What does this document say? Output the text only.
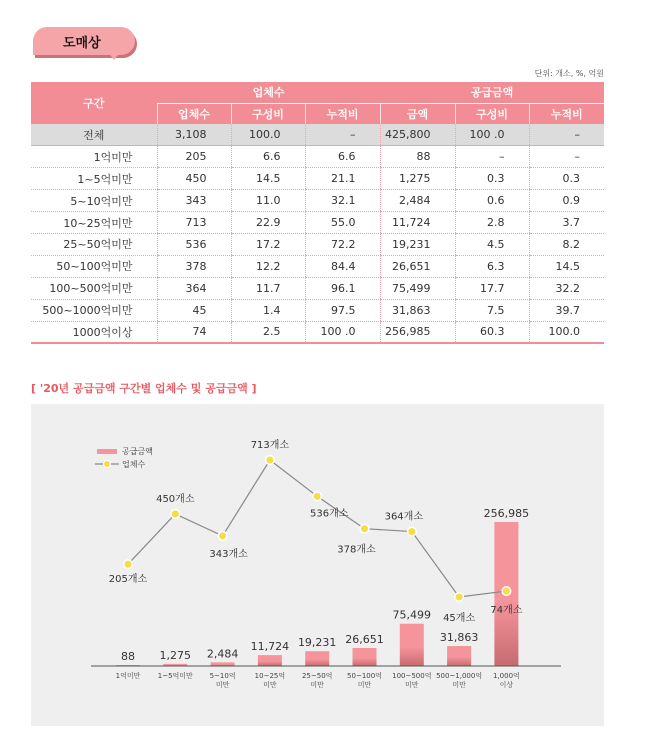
도매상
단위: 개소, %, 억원
구간	업체수			공급금액		
	업체수	구성비	누적비	금액	구성비	누적비
전체	3,108	100.0	–	425,800	100 .0	–
1억미만	205	6.6	6.6	88	–	–
1~5억미만	450	14.5	21.1	1,275	0.3	0.3
5~10억미만	343	11.0	32.1	2,484	0.6	0.9
10~25억미만	713	22.9	55.0	11,724	2.8	3.7
25~50억미만	536	17.2	72.2	19,231	4.5	8.2
50~100억미만	378	12.2	84.4	26,651	6.3	14.5
100~500억미만	364	11.7	96.1	75,499	17.7	32.2
500~1000억미만	45	1.4	97.5	31,863	7.5	39.7
1000억이상	74	2.5	100 .0	256,985	60.3	100.0
[ '20년 공급금액 구간별 업체수 및 공급금액 ]
88 1,275 2,484
11,724 19,231 26,651
75,499
31,863
256,985
1억미만 1~5억미만 5~10억
미만
10~25억
미만
25~50억
미만
50~100억
미만
100~500억
미만
500~1,000억
미만
1,000억
이상
205개소
450개소
343개소
713개소
536개소
378개소
364개소
45개소
74개소
공급금액
업체수
